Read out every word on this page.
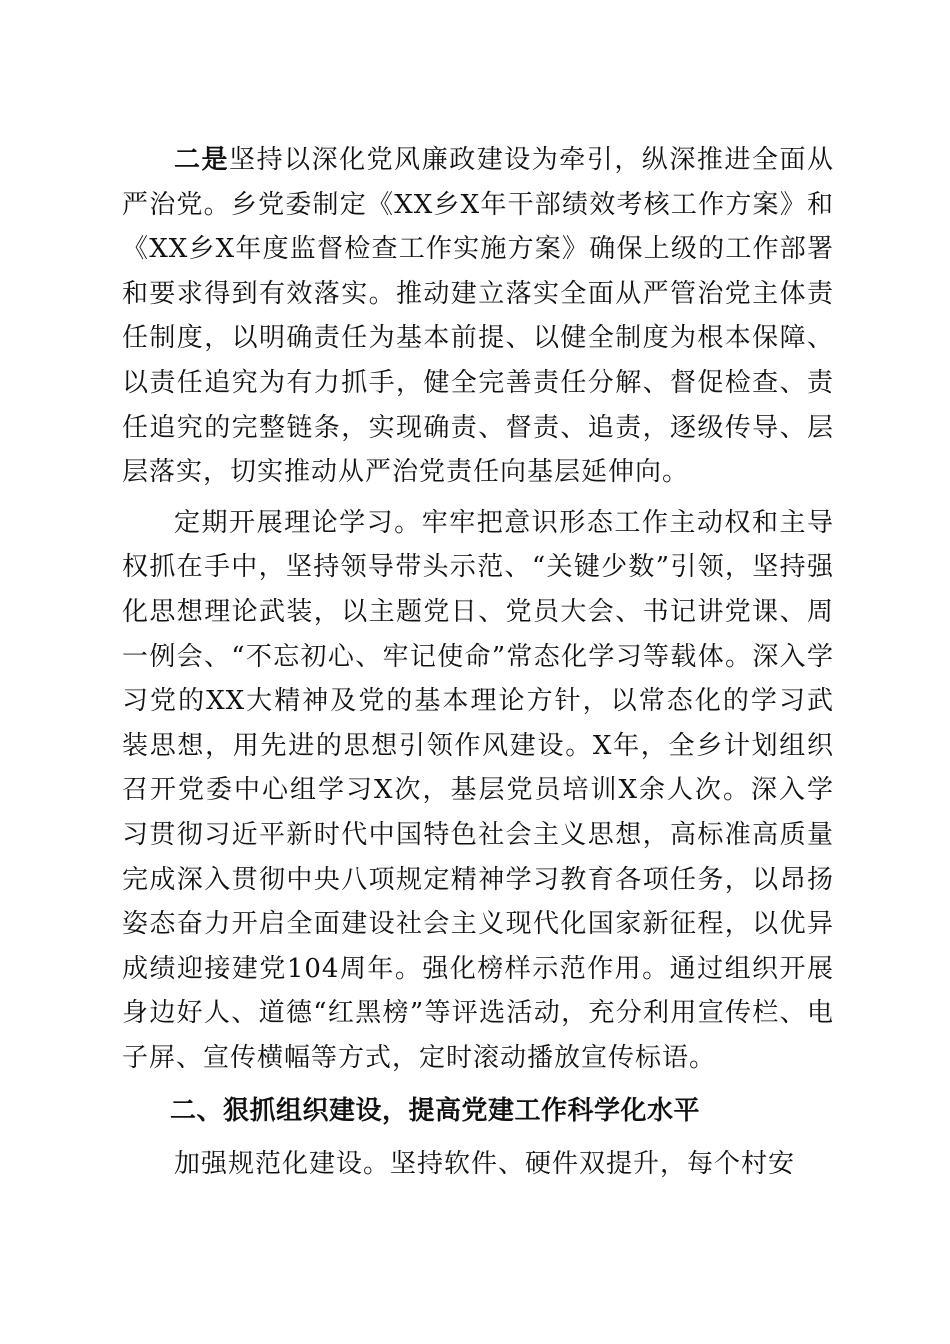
二是坚持以深化党风廉政建设为牵引，纵深推进全面从严治党。乡党委制定《XX乡X年干部绩效考核工作方案》和《XX乡X年度监督检查工作实施方案》确保上级的工作部署和要求得到有效落实。推动建立落实全面从严管治党主体责任制度，以明确责任为基本前提、以健全制度为根本保障、以责任追究为有力抓手，健全完善责任分解、督促检查、责任追究的完整链条，实现确责、督责、追责，逐级传导、层层落实，切实推动从严治党责任向基层延伸向。

定期开展理论学习。牢牢把意识形态工作主动权和主导权抓在手中，坚持领导带头示范、“关键少数”引领，坚持强化思想理论武装，以主题党日、党员大会、书记讲党课、周一例会、“不忘初心、牢记使命”常态化学习等载体。深入学习党的XX大精神及党的基本理论方针，以常态化的学习武装思想，用先进的思想引领作风建设。X年，全乡计划组织召开党委中心组学习X次，基层党员培训X余人次。深入学习贯彻习近平新时代中国特色社会主义思想，高标准高质量完成深入贯彻中央八项规定精神学习教育各项任务，以昂扬姿态奋力开启全面建设社会主义现代化国家新征程，以优异成绩迎接建党104周年。强化榜样示范作用。通过组织开展身边好人、道德“红黑榜”等评选活动，充分利用宣传栏、电子屏、宣传横幅等方式，定时滚动播放宣传标语。

二、狠抓组织建设，提高党建工作科学化水平

加强规范化建设。坚持软件、硬件双提升，每个村安
